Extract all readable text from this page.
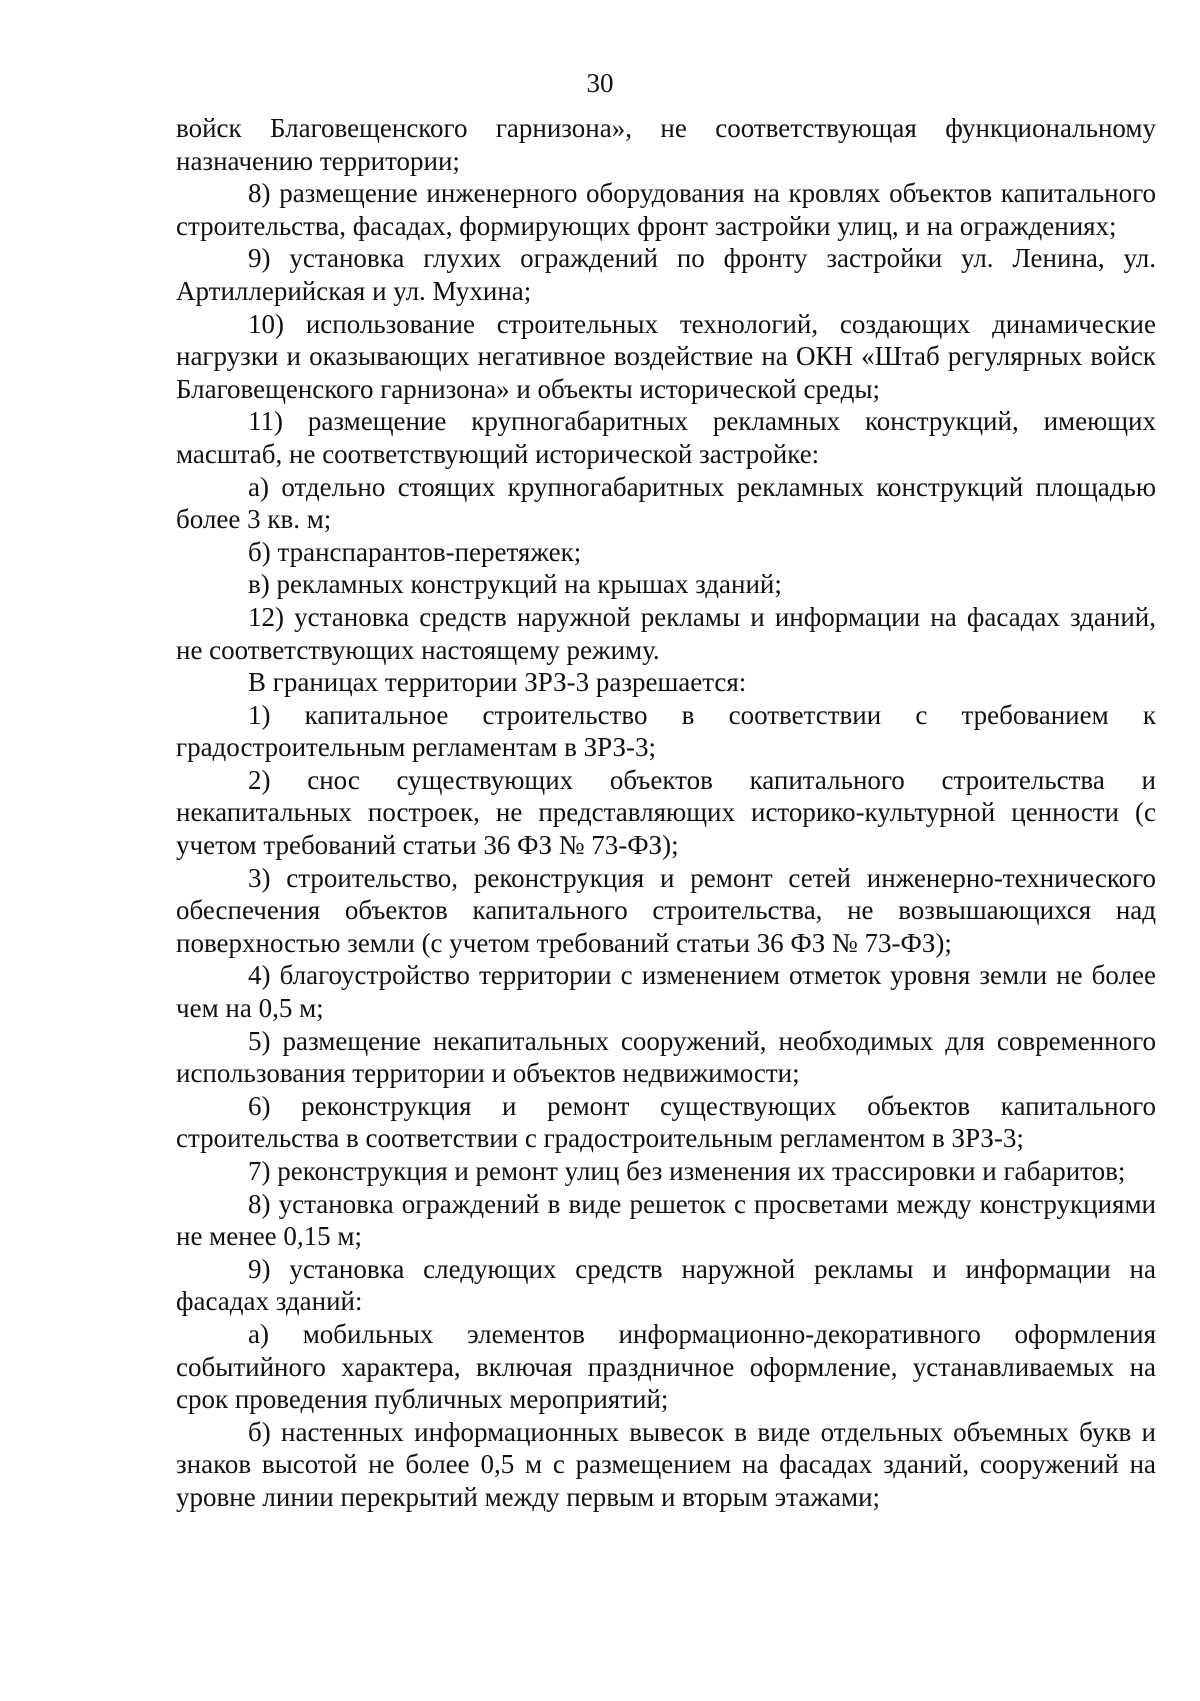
30

войск Благовещенского гарнизона», не соответствующая функциональному назначению территории;

8) размещение инженерного оборудования на кровлях объектов капитального строительства, фасадах, формирующих фронт застройки улиц, и на ограждениях;

9) установка глухих ограждений по фронту застройки ул. Ленина, ул. Артиллерийская и ул. Мухина;

10) использование строительных технологий, создающих динамические нагрузки и оказывающих негативное воздействие на ОКН «Штаб регулярных войск Благовещенского гарнизона» и объекты исторической среды;

11) размещение крупногабаритных рекламных конструкций, имеющих масштаб, не соответствующий исторической застройке:

а) отдельно стоящих крупногабаритных рекламных конструкций площадью более 3 кв. м;

б) транспарантов-перетяжек;

в) рекламных конструкций на крышах зданий;

12) установка средств наружной рекламы и информации на фасадах зданий, не соответствующих настоящему режиму.

В границах территории ЗРЗ-3 разрешается:

1) капитальное строительство в соответствии с требованием к градостроительным регламентам в ЗРЗ-3;

2) снос существующих объектов капитального строительства и некапитальных построек, не представляющих историко-культурной ценности (с учетом требований статьи 36 ФЗ № 73-ФЗ);

3) строительство, реконструкция и ремонт сетей инженерно-технического обеспечения объектов капитального строительства, не возвышающихся над поверхностью земли (с учетом требований статьи 36 ФЗ № 73-ФЗ);

4) благоустройство территории с изменением отметок уровня земли не более чем на 0,5 м;

5) размещение некапитальных сооружений, необходимых для современного использования территории и объектов недвижимости;

6) реконструкция и ремонт существующих объектов капитального строительства в соответствии с градостроительным регламентом в ЗРЗ-3;

7) реконструкция и ремонт улиц без изменения их трассировки и габаритов;

8) установка ограждений в виде решеток с просветами между конструкциями не менее 0,15 м;

9) установка следующих средств наружной рекламы и информации на фасадах зданий:

а) мобильных элементов информационно-декоративного оформления событийного характера, включая праздничное оформление, устанавливаемых на срок проведения публичных мероприятий;

б) настенных информационных вывесок в виде отдельных объемных букв и знаков высотой не более 0,5 м с размещением на фасадах зданий, сооружений на уровне линии перекрытий между первым и вторым этажами;
